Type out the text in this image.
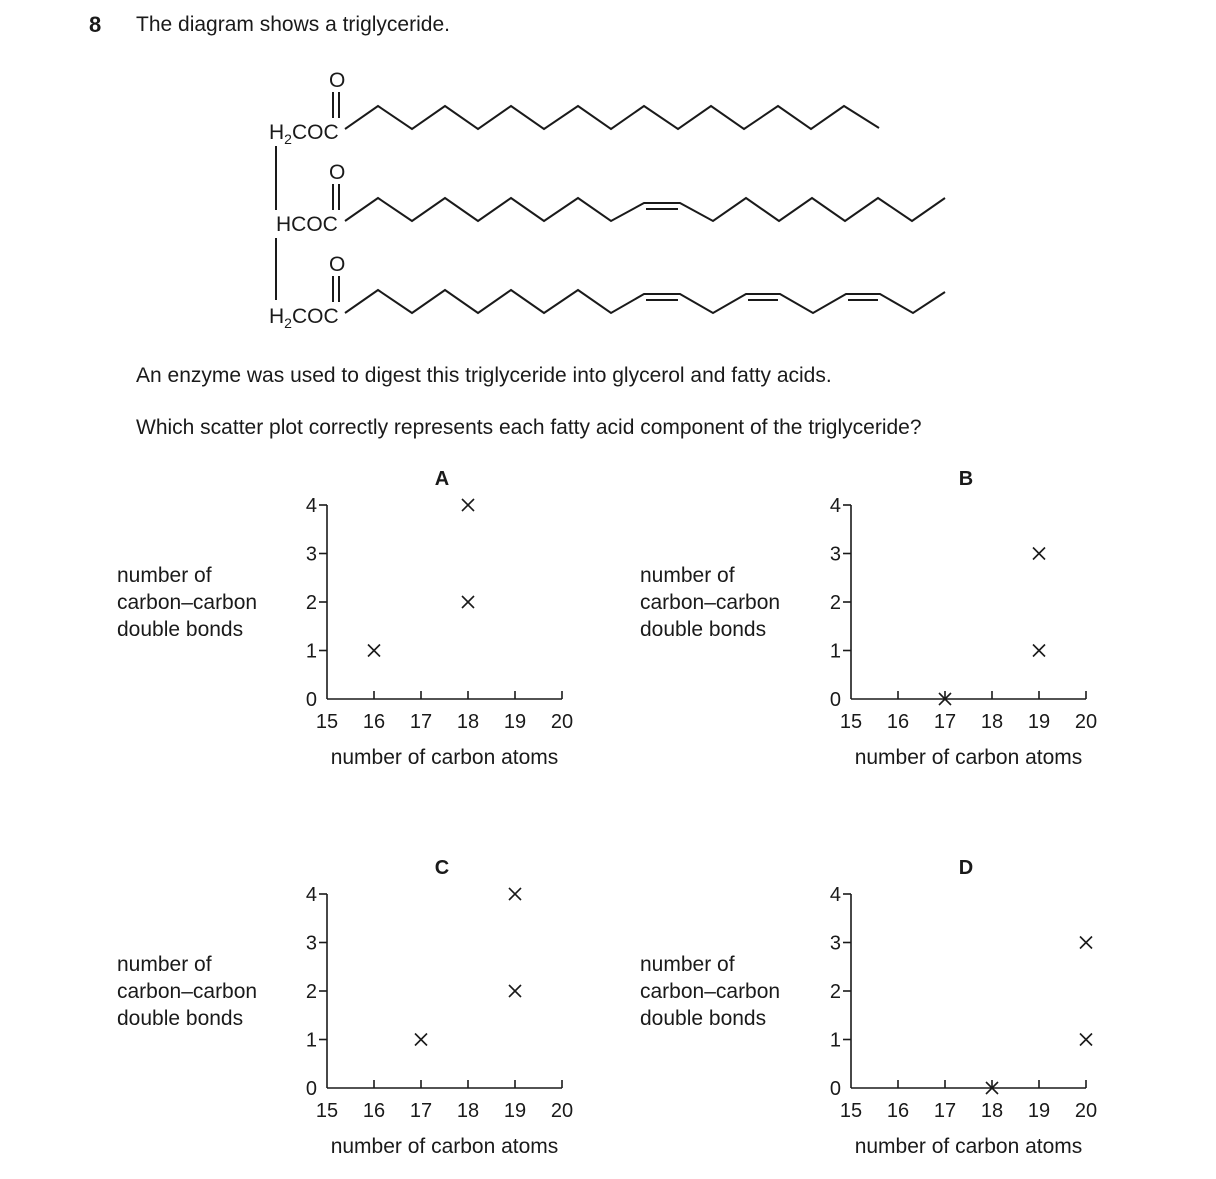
8 The diagram shows a triglyceride.
$H_2COC$
O
HCOC
O
$H_2COC$
O
An enzyme was used to digest this triglyceride into glycerol and fatty acids.
Which scatter plot correctly represents each fatty acid component of the triglyceride?
number of
carbon–carbon
double bonds
A
15 16 17 18 19 20
0
1
2
3
4
number of carbon atoms
number of
carbon–carbon
double bonds
B
15 16 17 18 19 20
0
1
2
3
4
number of carbon atoms
number of
carbon–carbon
double bonds
C
15 16 17 18 19 20
0
1
2
3
4
number of carbon atoms
number of
carbon–carbon
double bonds
D
15 16 17 18 19 20
0
1
2
3
4
number of carbon atoms
